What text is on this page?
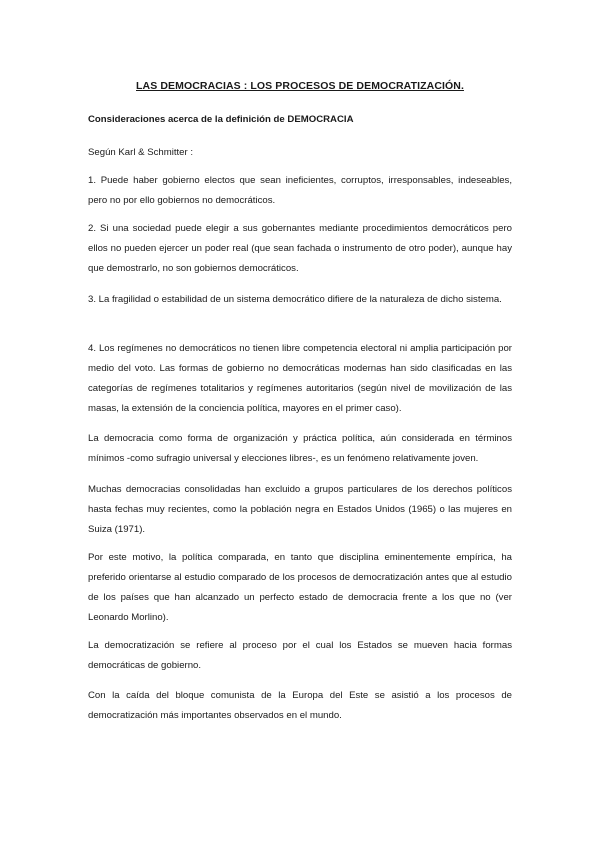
LAS DEMOCRACIAS : LOS PROCESOS DE DEMOCRATIZACIÓN.
Consideraciones acerca de la definición de DEMOCRACIA
Según Karl & Schmitter :

1. Puede haber gobierno electos que sean ineficientes, corruptos, irresponsables, indeseables, pero no por ello gobiernos no democráticos.

2. Si una sociedad puede elegir a sus gobernantes mediante procedimientos democráticos pero ellos no pueden ejercer un poder real (que sean fachada o instrumento de otro poder), aunque hay que demostrarlo, no son gobiernos democráticos.

3. La fragilidad o estabilidad de un sistema democrático difiere de la naturaleza de dicho sistema.

4. Los regímenes no democráticos no tienen libre competencia electoral ni amplia participación por medio del voto. Las formas de gobierno no democráticas modernas han sido clasificadas en las categorías de regímenes totalitarios y regímenes autoritarios (según nivel de movilización de las masas, la extensión de la conciencia política, mayores en el primer caso).

La democracia como forma de organización y práctica política, aún considerada en términos mínimos -como sufragio universal y elecciones libres-, es un fenómeno relativamente joven.

Muchas democracias consolidadas han excluido a grupos particulares de los derechos políticos hasta fechas muy recientes, como la población negra en Estados Unidos (1965) o las mujeres en Suiza (1971).

Por este motivo, la política comparada, en tanto que disciplina eminentemente empírica, ha preferido orientarse al estudio comparado de los procesos de democratización antes que al estudio de los países que han alcanzado un perfecto estado de democracia frente a los que no (ver Leonardo Morlino).

La democratización se refiere al proceso por el cual los Estados se mueven hacia formas democráticas de gobierno.

Con la caída del bloque comunista de la Europa del Este se asistió a los procesos de democratización más importantes observados en el mundo.
